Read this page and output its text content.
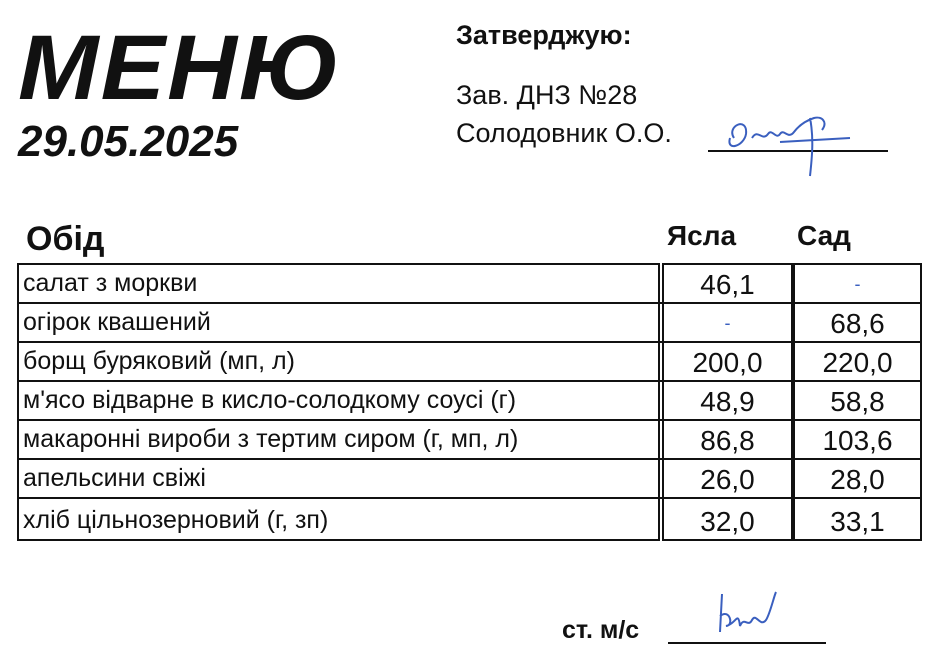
МЕНЮ
29.05.2025
Затверджую:
Зав. ДНЗ №28
Солодовник О.О.
Обід	Ясла Сад
салат з моркви	46,1	-
огірок квашений	-	68,6
борщ буряковий (мп, л)	200,0	220,0
м'ясо відварне в кисло-солодкому соусі (г)	48,9	58,8
макаронні вироби з тертим сиром (г, мп, л)	86,8	103,6
апельсини свіжі	26,0	28,0
хліб цільнозерновий (г, зп)	32,0	33,1
ст. м/с
